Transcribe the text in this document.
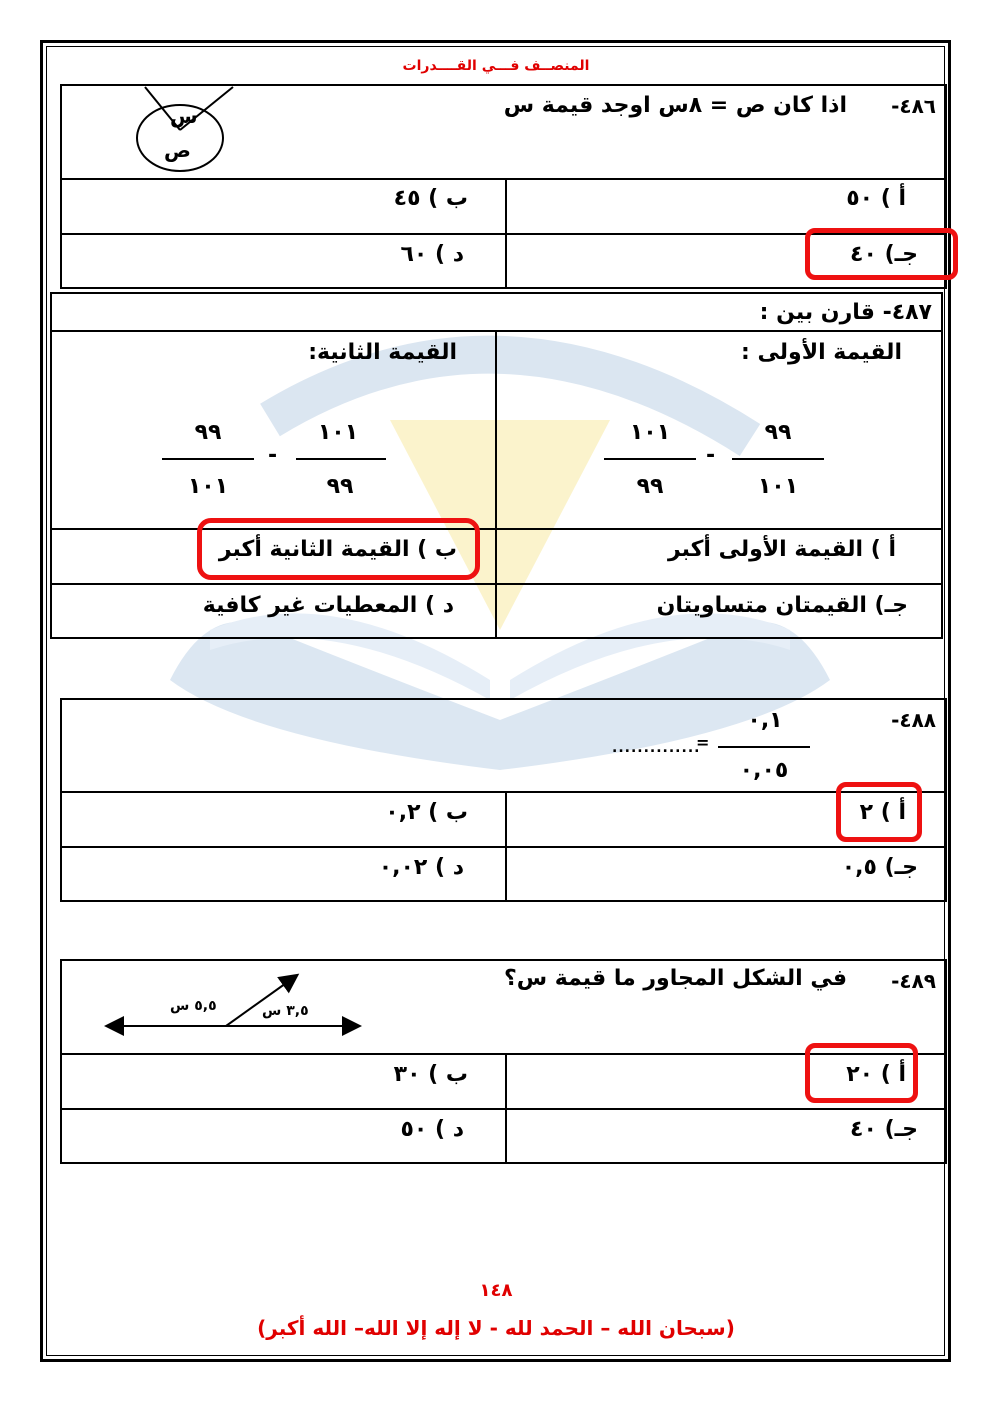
المنصــف فـــي القــــدرات
٤٨٦-
اذا كان ص = ٨س اوجد قيمة س
س
ص
أ ) ٥٠
ب ) ٤٥
جـ) ٤٠
د ) ٦٠
٤٨٧- قارن بين :
القيمة الأولى :
القيمة الثانية:
٩٩
١٠١
-
١٠١
٩٩
١٠١
٩٩
-
٩٩
١٠١
أ ) القيمة الأولى أكبر
ب ) القيمة الثانية أكبر
جـ) القيمتان متساويتان
د ) المعطيات غير كافية
٤٨٨-
٠,١
٠,٠٥
=
..............
أ ) ٢
ب ) ٠,٢
جـ) ٠,٥
د ) ٠,٠٢
٤٨٩-
في الشكل المجاور ما قيمة س؟
٥,٥ س	٣,٥ س
أ ) ٢٠
ب ) ٣٠
جـ) ٤٠
د ) ٥٠
١٤٨
(سبحان الله – الحمد لله - لا إله إلا الله– الله أكبر)
